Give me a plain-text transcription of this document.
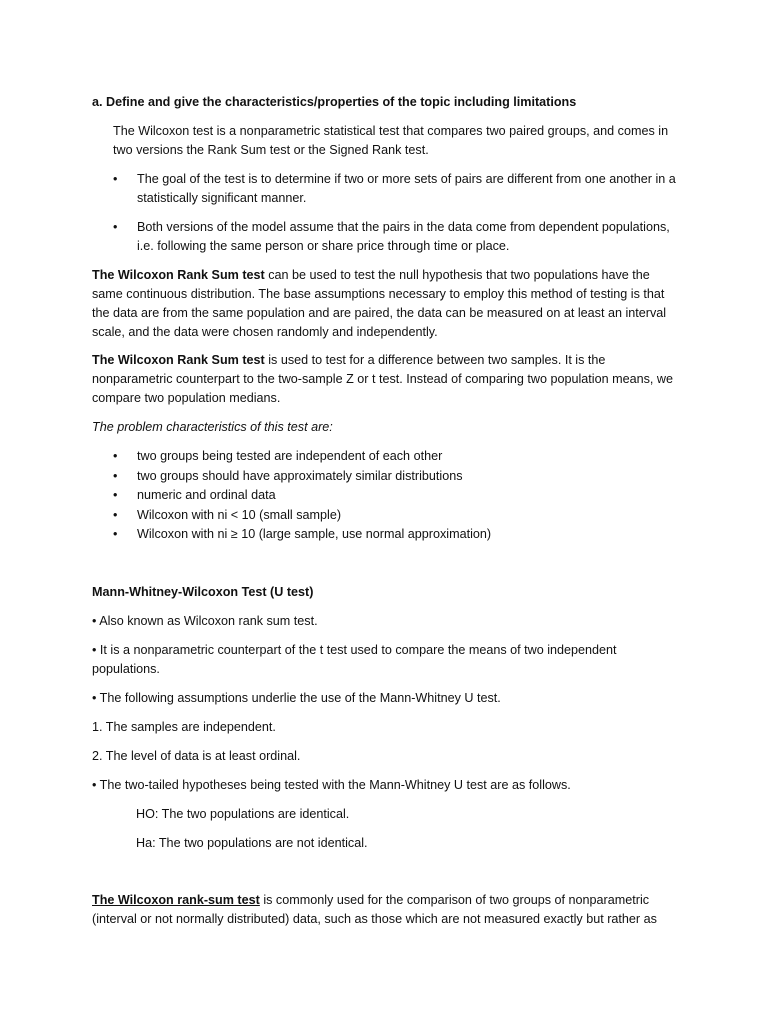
a. Define and give the characteristics/properties of the topic including limitations

The Wilcoxon test is a nonparametric statistical test that compares two paired groups, and comes in two versions the Rank Sum test or the Signed Rank test.

• The goal of the test is to determine if two or more sets of pairs are different from one another in a statistically significant manner.
• Both versions of the model assume that the pairs in the data come from dependent populations, i.e. following the same person or share price through time or place.

The Wilcoxon Rank Sum test can be used to test the null hypothesis that two populations have the same continuous distribution. The base assumptions necessary to employ this method of testing is that the data are from the same population and are paired, the data can be measured on at least an interval scale, and the data were chosen randomly and independently.

The Wilcoxon Rank Sum test is used to test for a difference between two samples. It is the nonparametric counterpart to the two-sample Z or t test. Instead of comparing two population means, we compare two population medians.

The problem characteristics of this test are:

• two groups being tested are independent of each other
• two groups should have approximately similar distributions
• numeric and ordinal data
• Wilcoxon with ni < 10 (small sample)
• Wilcoxon with ni ≥ 10 (large sample, use normal approximation)

Mann-Whitney-Wilcoxon Test (U test)

• Also known as Wilcoxon rank sum test.

• It is a nonparametric counterpart of the t test used to compare the means of two independent populations.

• The following assumptions underlie the use of the Mann-Whitney U test.

1. The samples are independent.

2. The level of data is at least ordinal.

• The two-tailed hypotheses being tested with the Mann-Whitney U test are as follows.

HO: The two populations are identical.

Ha: The two populations are not identical.

The Wilcoxon rank-sum test is commonly used for the comparison of two groups of nonparametric (interval or not normally distributed) data, such as those which are not measured exactly but rather as
